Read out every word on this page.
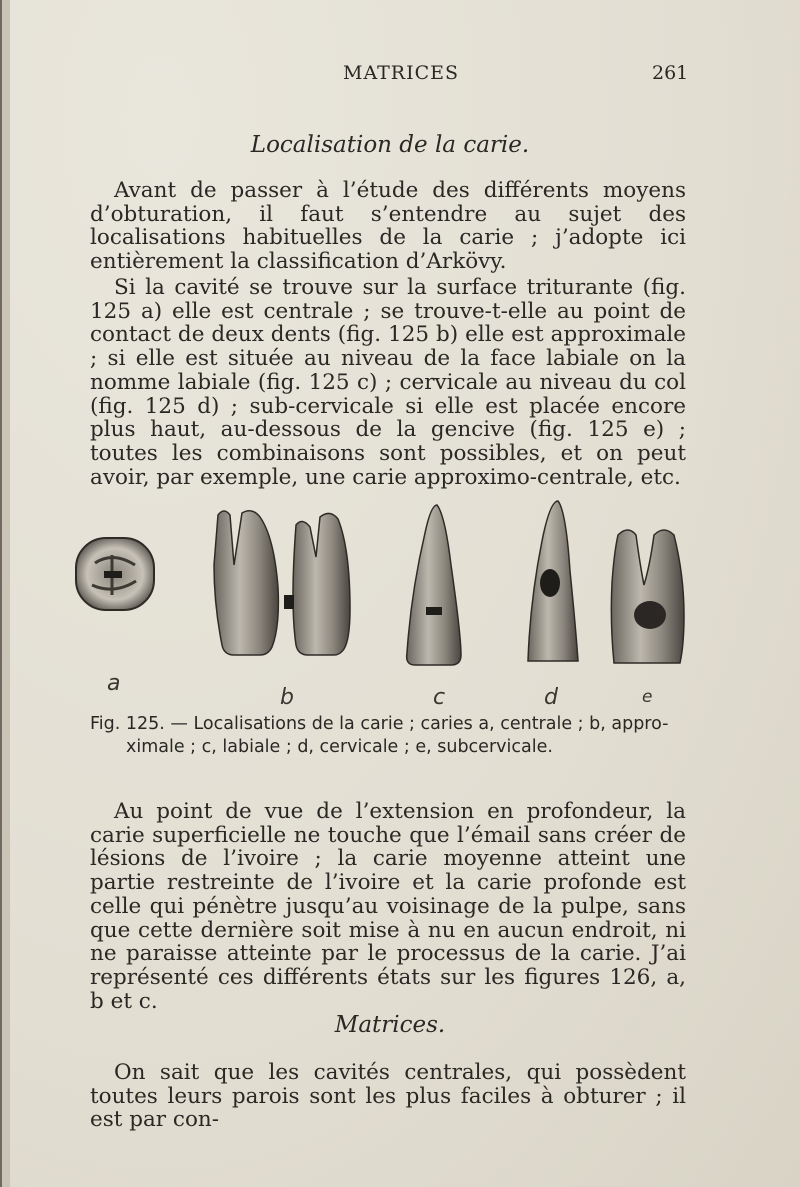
MATRICES	261
Localisation de la carie.

Avant de passer à l’étude des différents moyens d’obturation, il faut s’entendre au sujet des localisations habituelles de la carie ; j’adopte ici entièrement la classification d’Arkövy.

Si la cavité se trouve sur la surface triturante (fig. 125 a) elle est centrale ; se trouve-t-elle au point de contact de deux dents (fig. 125 b) elle est approximale ; si elle est située au niveau de la face labiale on la nomme labiale (fig. 125 c) ; cervicale au niveau du col (fig. 125 d) ; sub-cervicale si elle est placée encore plus haut, au-dessous de la gencive (fig. 125 e) ; toutes les combinaisons sont possibles, et on peut avoir, par exemple, une carie approximo-centrale, etc.

a
b	c	d	e

Fig. 125. — Localisations de la carie ; caries a, centrale ; b, appro-
ximale ; c, labiale ; d, cervicale ; e, subcervicale.

Au point de vue de l’extension en profondeur, la carie superficielle ne touche que l’émail sans créer de lésions de l’ivoire ; la carie moyenne atteint une partie restreinte de l’ivoire et la carie profonde est celle qui pénètre jusqu’au voisinage de la pulpe, sans que cette dernière soit mise à nu en aucun endroit, ni ne paraisse atteinte par le processus de la carie. J’ai représenté ces différents états sur les figures 126, a, b et c.

Matrices.

On sait que les cavités centrales, qui possèdent toutes leurs parois sont les plus faciles à obturer ; il est par con-
